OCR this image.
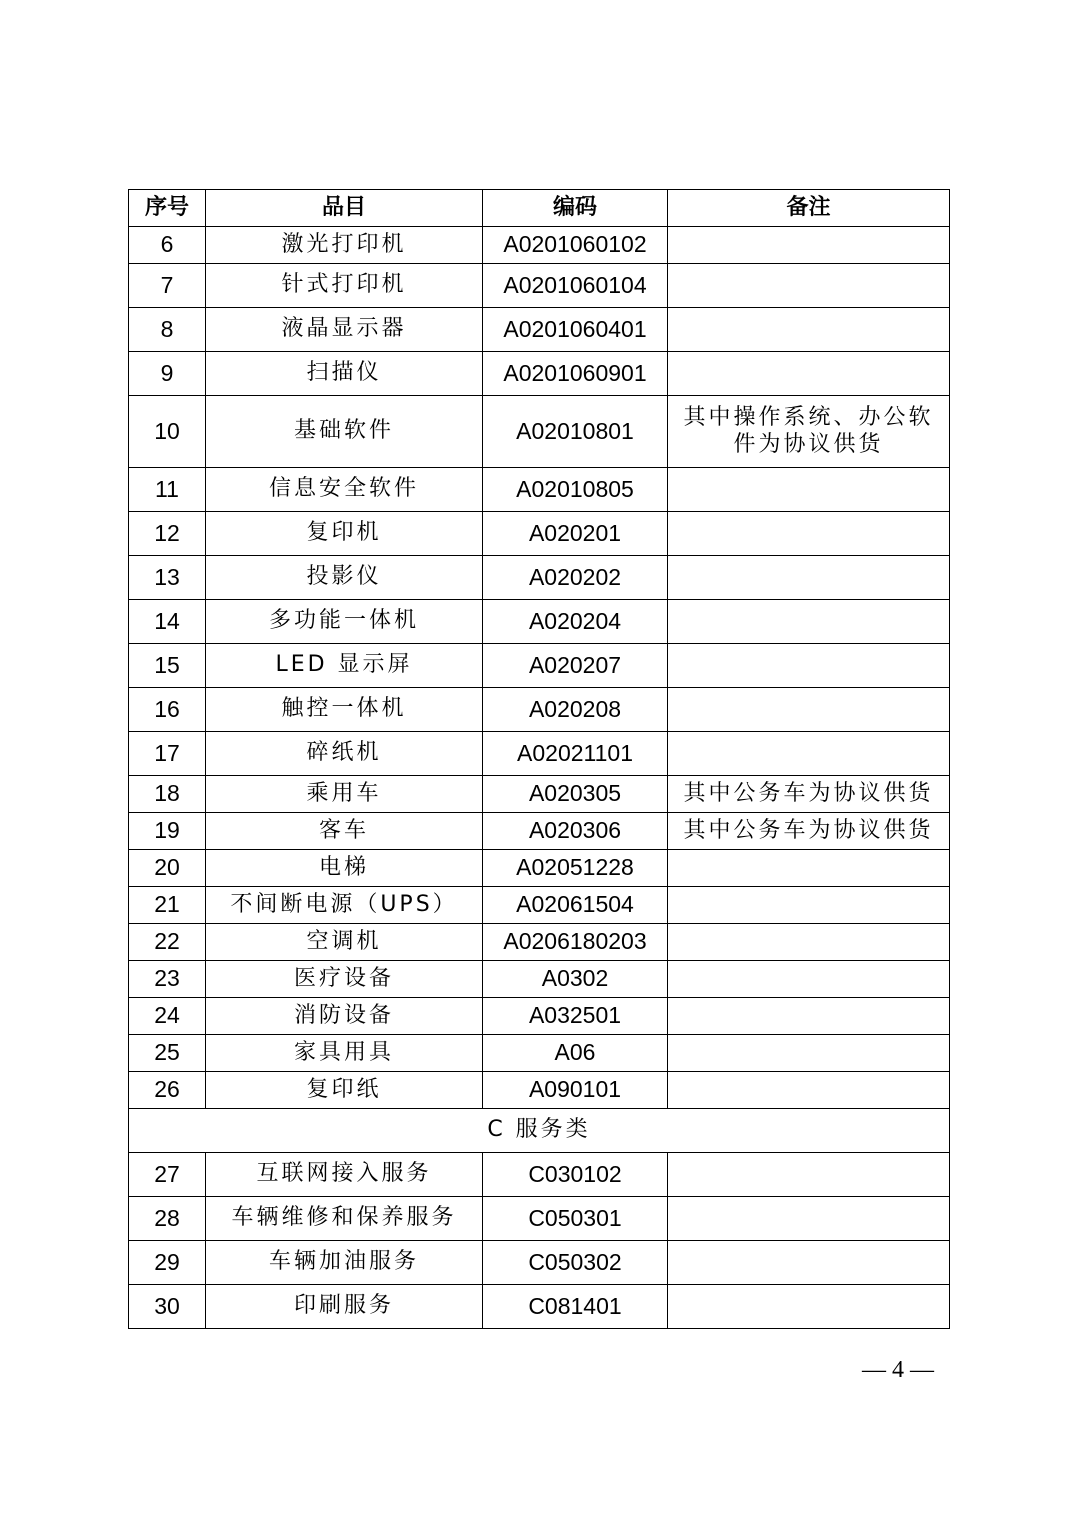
序号	品目	编码	备注
6	激光打印机	A0201060102	
7	针式打印机	A0201060104	
8	液晶显示器	A0201060401	
9	扫描仪	A0201060901	
10	基础软件	A02010801	其中操作系统、办公软件为协议供货
11	信息安全软件	A02010805	
12	复印机	A020201	
13	投影仪	A020202	
14	多功能一体机	A020204	
15	LED 显示屏	A020207	
16	触控一体机	A020208	
17	碎纸机	A02021101	
18	乘用车	A020305	其中公务车为协议供货
19	客车	A020306	其中公务车为协议供货
20	电梯	A02051228	
21	不间断电源（UPS）	A02061504	
22	空调机	A0206180203	
23	医疗设备	A0302	
24	消防设备	A032501	
25	家具用具	A06	
26	复印纸	A090101	
C 服务类			
27	互联网接入服务	C030102	
28	车辆维修和保养服务	C050301	
29	车辆加油服务	C050302	
30	印刷服务	C081401	
— 4 —
